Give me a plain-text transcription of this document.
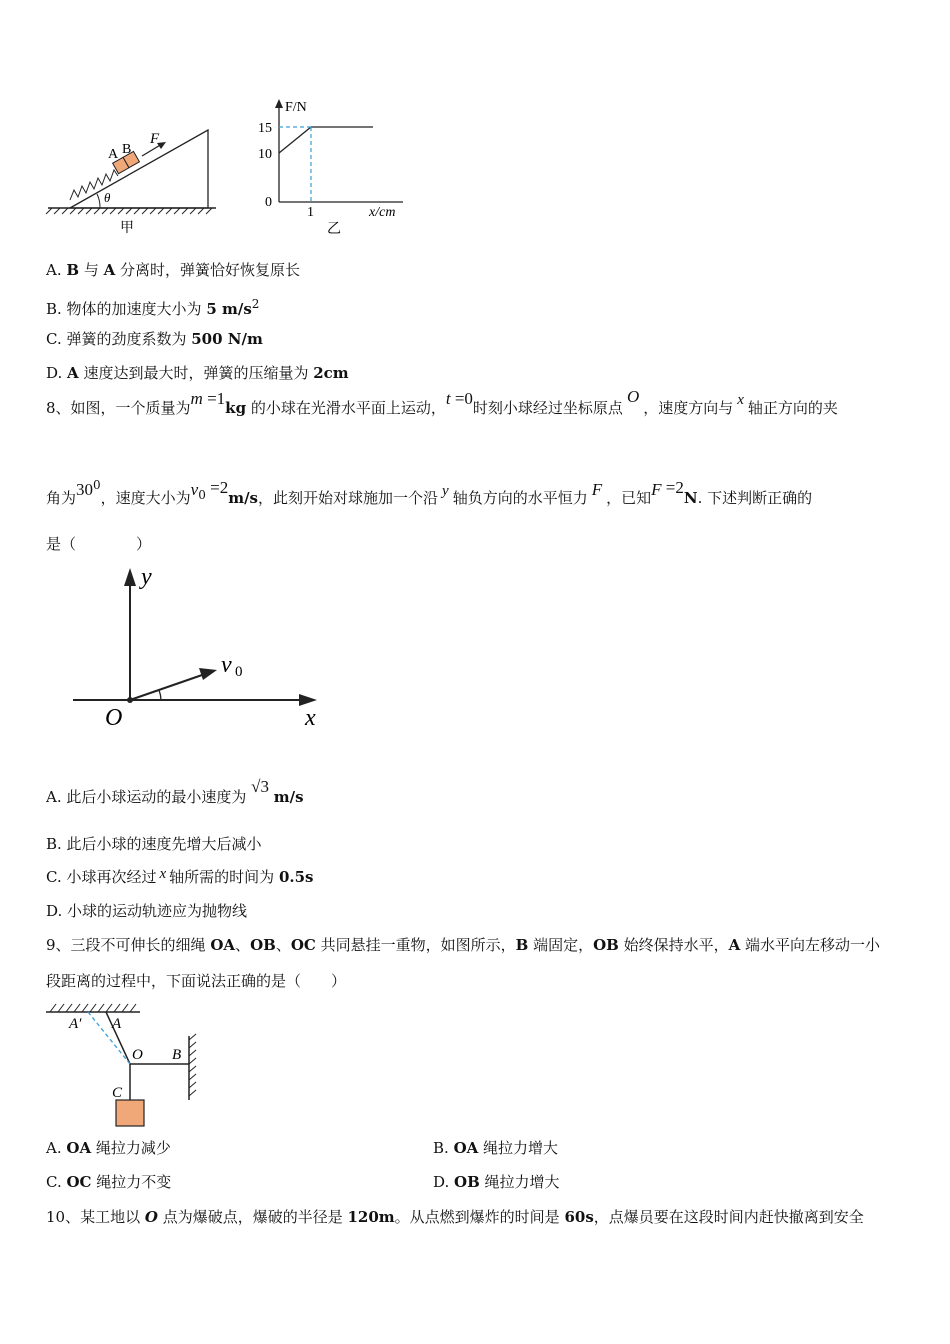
A B
F
θ
甲
F/N
15
10
0
1	x/cm
乙
A. B 与 A 分离时，弹簧恰好恢复原长
B. 物体的加速度大小为 5 $m/s^2$
C. 弹簧的劲度系数为 500 N/m
D. A 速度达到最大时，弹簧的压缩量为 2cm
8、如图，一个质量为m =1kg 的小球在光滑水平面上运动，t =0时刻小球经过坐标原点O，速度方向与 x 轴正方向的夹
角为$30^0$，速度大小为$v_0 =2m/s$，此刻开始对球施加一个沿 y 轴负方向的水平恒力 F ，已知F =2N. 下述判断正确的
是（　　　　）
y
x
O
v 0
A. 此后小球运动的最小速度为 √3 m/s
B. 此后小球的速度先增大后减小
C. 小球再次经过 x 轴所需的时间为 0.5s
D. 小球的运动轨迹应为抛物线
9、三段不可伸长的细绳 OA、OB、OC 共同悬挂一重物，如图所示，B 端固定，OB 始终保持水平，A 端水平向左移动一小
段距离的过程中，下面说法正确的是（　　）
A′ A
O B
C
A. OA 绳拉力减少	B. OA 绳拉力增大
C. OC 绳拉力不变	D. OB 绳拉力增大
10、某工地以 O 点为爆破点，爆破的半径是 120m。从点燃到爆炸的时间是 60s，点爆员要在这段时间内赶快撤离到安全
